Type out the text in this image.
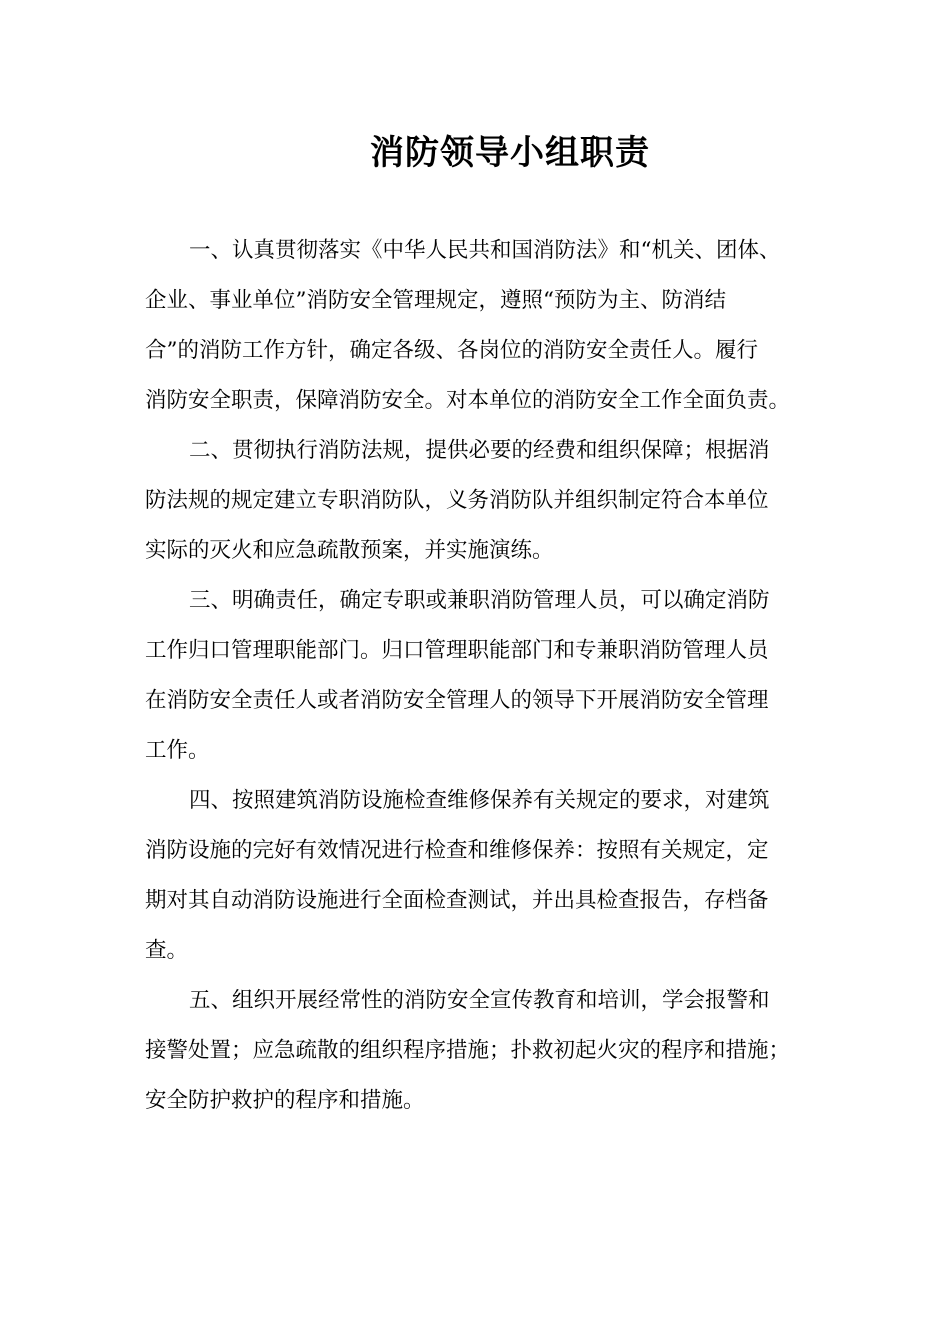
消防领导小组职责
一、认真贯彻落实《中华人民共和国消防法》和“机关、团体、
企业、事业单位”消防安全管理规定，遵照“预防为主、防消结
合”的消防工作方针，确定各级、各岗位的消防安全责任人。履行
消防安全职责，保障消防安全。对本单位的消防安全工作全面负责。
二、贯彻执行消防法规，提供必要的经费和组织保障；根据消
防法规的规定建立专职消防队，义务消防队并组织制定符合本单位
实际的灭火和应急疏散预案，并实施演练。
三、明确责任，确定专职或兼职消防管理人员，可以确定消防
工作归口管理职能部门。归口管理职能部门和专兼职消防管理人员
在消防安全责任人或者消防安全管理人的领导下开展消防安全管理
工作。
四、按照建筑消防设施检查维修保养有关规定的要求，对建筑
消防设施的完好有效情况进行检查和维修保养：按照有关规定，定
期对其自动消防设施进行全面检查测试，并出具检查报告，存档备
查。
五、组织开展经常性的消防安全宣传教育和培训，学会报警和
接警处置；应急疏散的组织程序措施；扑救初起火灾的程序和措施；
安全防护救护的程序和措施。
